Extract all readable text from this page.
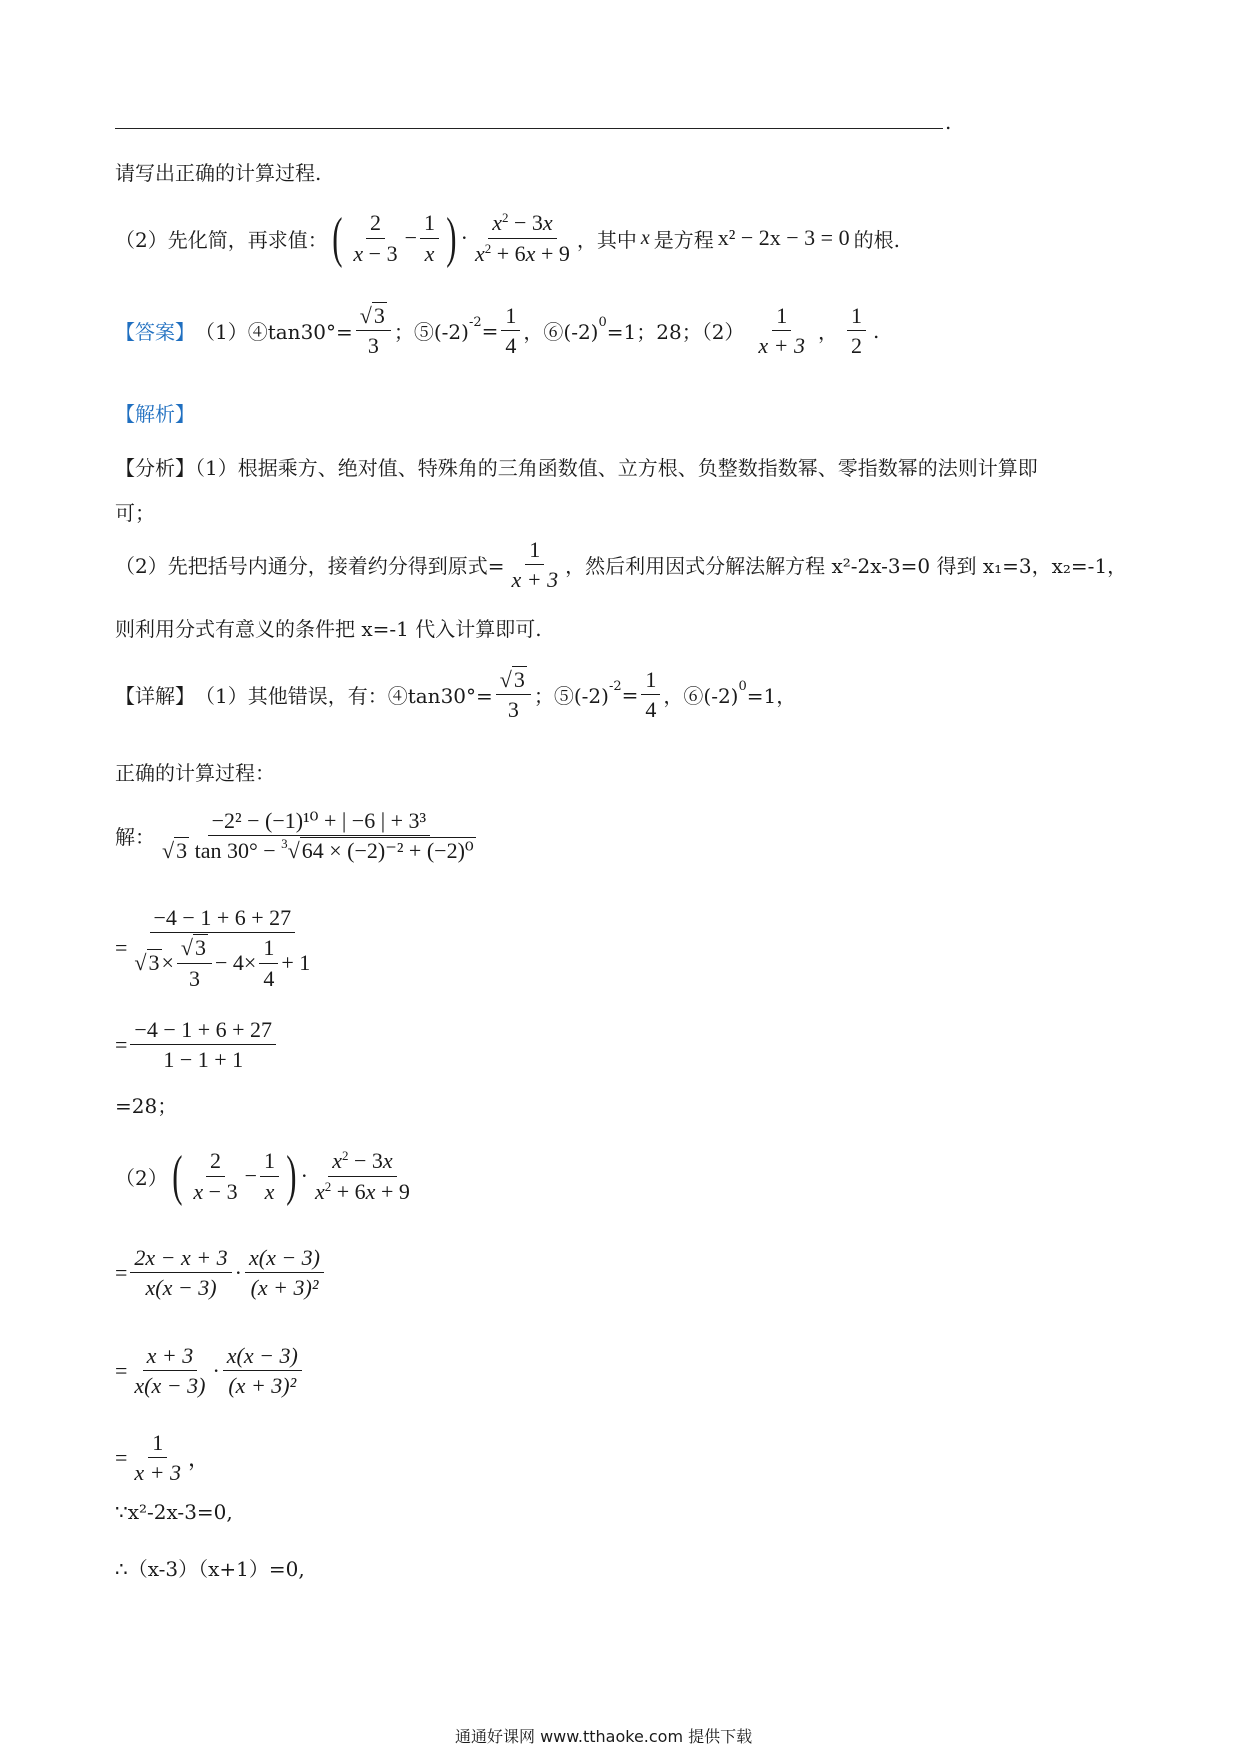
.
请写出正确的计算过程.
（2）先化简，再求值： ( $\frac{2}{x - 3} - \frac{1}{x}$ ) · $\frac{x^2 - 3x}{x^2 + 6x + 9}$ ，其中 x 是方程 x² − 2x − 3 = 0 的根.
【答案】 （1）④tan30°= $\frac{√3}{3}$ ；⑤(-2) $-2 = \frac{1}{4}$ ，⑥(-2) 0 =1；28；$(2) \frac{1}{x + 3}$ ， $\frac{1}{2}$ .
【解析】
【分析】（1）根据乘方、绝对值、特殊角的三角函数值、立方根、负整数指数幂、零指数幂的法则计算即
可；
（2）先把括号内通分，接着约分得到原式= $\frac{1}{x + 3}$ ，然后利用因式分解法解方程 x²-2x-3=0 得到 x₁=3，x₂=-1，
则利用分式有意义的条件把 x=-1 代入计算即可.
【详解】 （1）其他错误，有：④tan30°= $\frac{√3}{3}$ ；⑤(-2) $-2 = \frac{1}{4}$ ，⑥(-2) 0 =1，
正确的计算过程：
解： $\frac{\text{−2² − (−1)¹⁰ + | −6 | + 3³}}{√3 \tan 30^\circ - ^3√64 \times (-2)^{-2} + (-2)^0}$
= $\frac{-4 - 1 + 6 + 27}{√3 \times \frac{√3}{3} - 4\times \frac{1}{4} + 1}$
= $\frac{-4 - 1 + 6 + 27}{1 - 1 + 1}$
=28；
（2） ( $\frac{2}{x - 3} - \frac{1}{x}$ ) · $\frac{x^2 - 3x}{x^2 + 6x + 9}$
= $\frac{2x - x + 3}{x(x - 3)} \cdot \frac{x(x - 3)}{\text{(x + 3)²}}$
= $\frac{x + 3}{x(x - 3)} \cdot \frac{x(x - 3)}{\text{(x + 3)²}}$
= $\frac{1}{x + 3}$ ，
∵x²-2x-3=0,
∴（x-3）（x+1）=0,
通通好课网 www.tthaoke.com 提供下载
